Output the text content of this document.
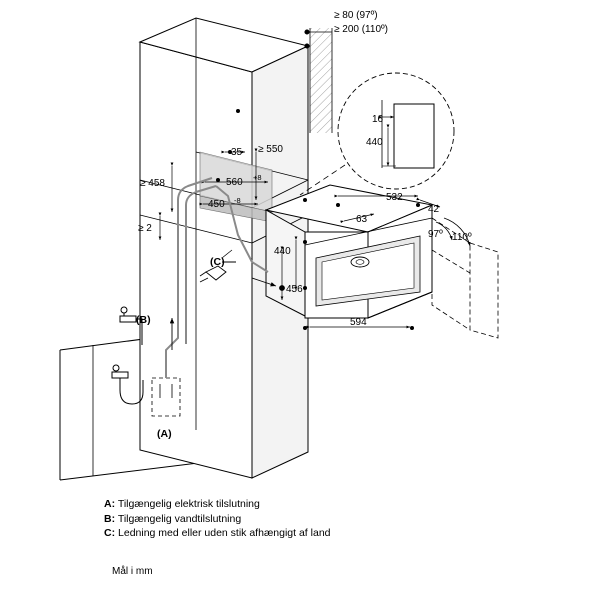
≥ 80 (97º)
≥ 200 (110º)
≥ 550
35
560 +8
450 -8
≥ 458
≥ 2
16
440
532
42
63
440
456
594
97º 110º
(A)
(B)
(C)
A: Tilgængelig elektrisk tilslutning
B: Tilgængelig vandtilslutning
C: Ledning med eller uden stik afhængigt af land
Mål i mm
